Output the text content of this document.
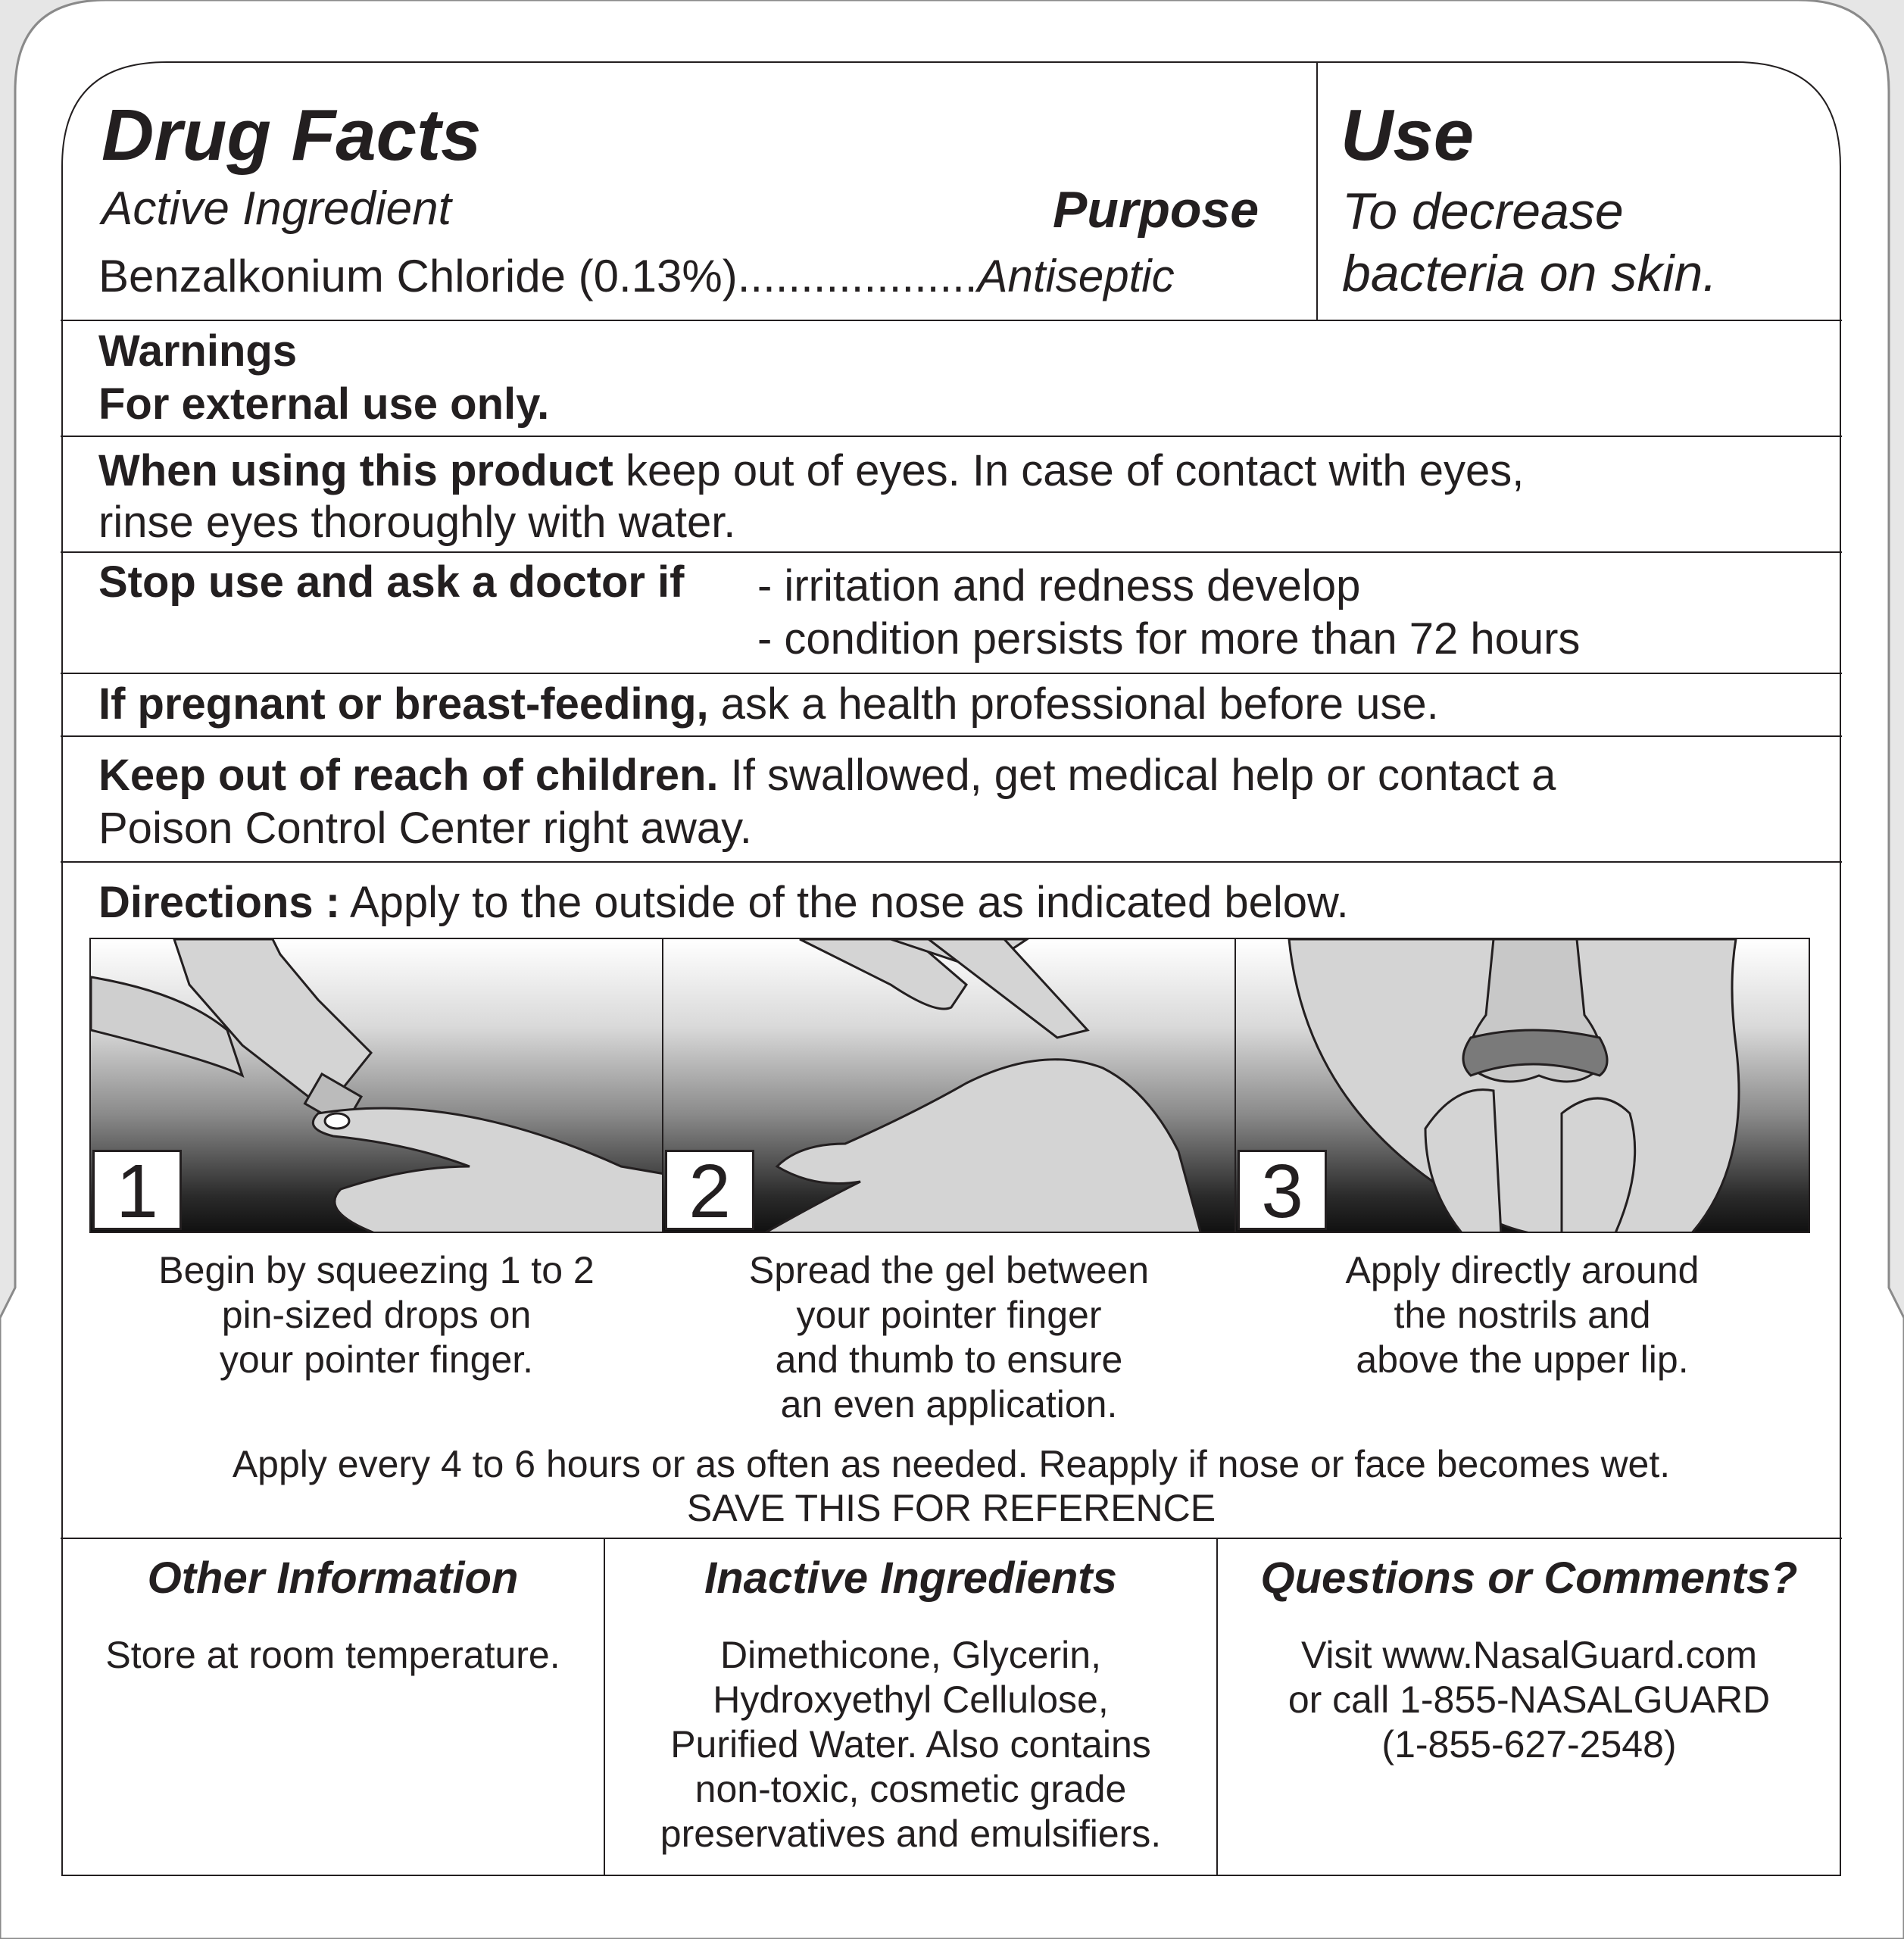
Drug Facts
Active Ingredient	Purpose
Benzalkonium Chloride (0.13%)...................Antiseptic
Use
To decrease
bacteria on skin.
Warnings
For external use only.
When using this product keep out of eyes. In case of contact with eyes,
rinse eyes thoroughly with water.
Stop use and ask a doctor if - irritation and redness develop
- condition persists for more than 72 hours
If pregnant or breast-feeding, ask a health professional before use.
Keep out of reach of children. If swallowed, get medical help or contact a
Poison Control Center right away.
Directions : Apply to the outside of the nose as indicated below.
1	2	3
Begin by squeezing 1 to 2
pin-sized drops on
your pointer finger.
Spread the gel between
your pointer finger
and thumb to ensure
an even application.
Apply directly around
the nostrils and
above the upper lip.
Apply every 4 to 6 hours or as often as needed. Reapply if nose or face becomes wet.
SAVE THIS FOR REFERENCE
Other Information
Store at room temperature.
Inactive Ingredients
Dimethicone, Glycerin,
Hydroxyethyl Cellulose,
Purified Water. Also contains
non-toxic, cosmetic grade
preservatives and emulsifiers.
Questions or Comments?
Visit www.NasalGuard.com
or call 1-855-NASALGUARD
(1-855-627-2548)
